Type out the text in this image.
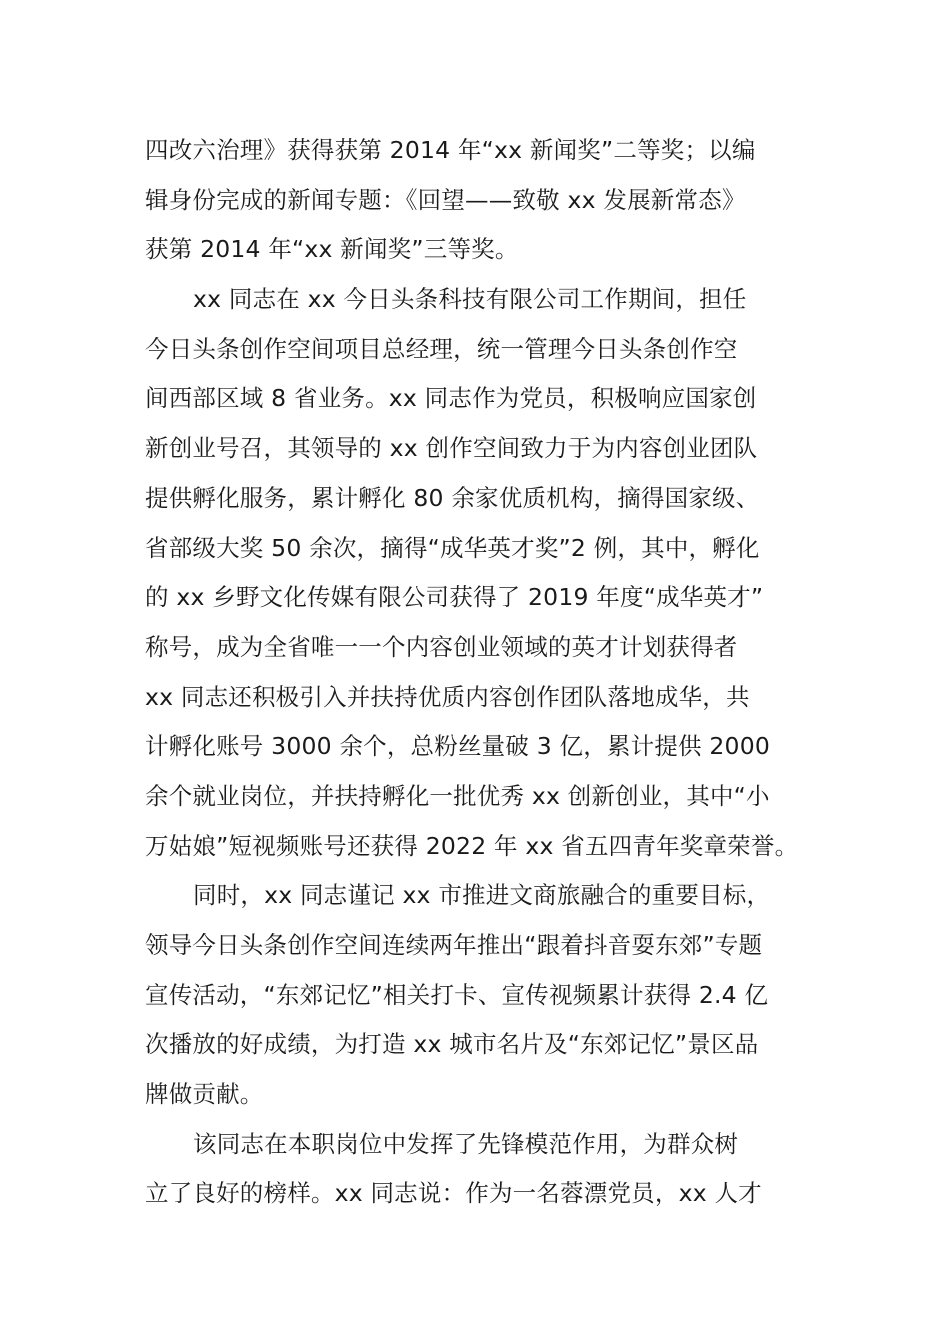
四改六治理》获得获第 2014 年“xx 新闻奖”二等奖；以编
辑身份完成的新闻专题：《回望——致敬 xx 发展新常态》
获第 2014 年“xx 新闻奖”三等奖。
xx 同志在 xx 今日头条科技有限公司工作期间，担任
今日头条创作空间项目总经理，统一管理今日头条创作空
间西部区域 8 省业务。xx 同志作为党员，积极响应国家创
新创业号召，其领导的 xx 创作空间致力于为内容创业团队
提供孵化服务，累计孵化 80 余家优质机构，摘得国家级、
省部级大奖 50 余次，摘得“成华英才奖”2 例，其中，孵化
的 xx 乡野文化传媒有限公司获得了 2019 年度“成华英才”
称号，成为全省唯一一个内容创业领域的英才计划获得者
xx 同志还积极引入并扶持优质内容创作团队落地成华，共
计孵化账号 3000 余个，总粉丝量破 3 亿，累计提供 2000
余个就业岗位，并扶持孵化一批优秀 xx 创新创业，其中“小
万姑娘”短视频账号还获得 2022 年 xx 省五四青年奖章荣誉。
同时，xx 同志谨记 xx 市推进文商旅融合的重要目标，
领导今日头条创作空间连续两年推出“跟着抖音耍东郊”专题
宣传活动，“东郊记忆”相关打卡、宣传视频累计获得 2.4 亿
次播放的好成绩，为打造 xx 城市名片及“东郊记忆”景区品
牌做贡献。
该同志在本职岗位中发挥了先锋模范作用，为群众树
立了良好的榜样。xx 同志说：作为一名蓉漂党员，xx 人才
